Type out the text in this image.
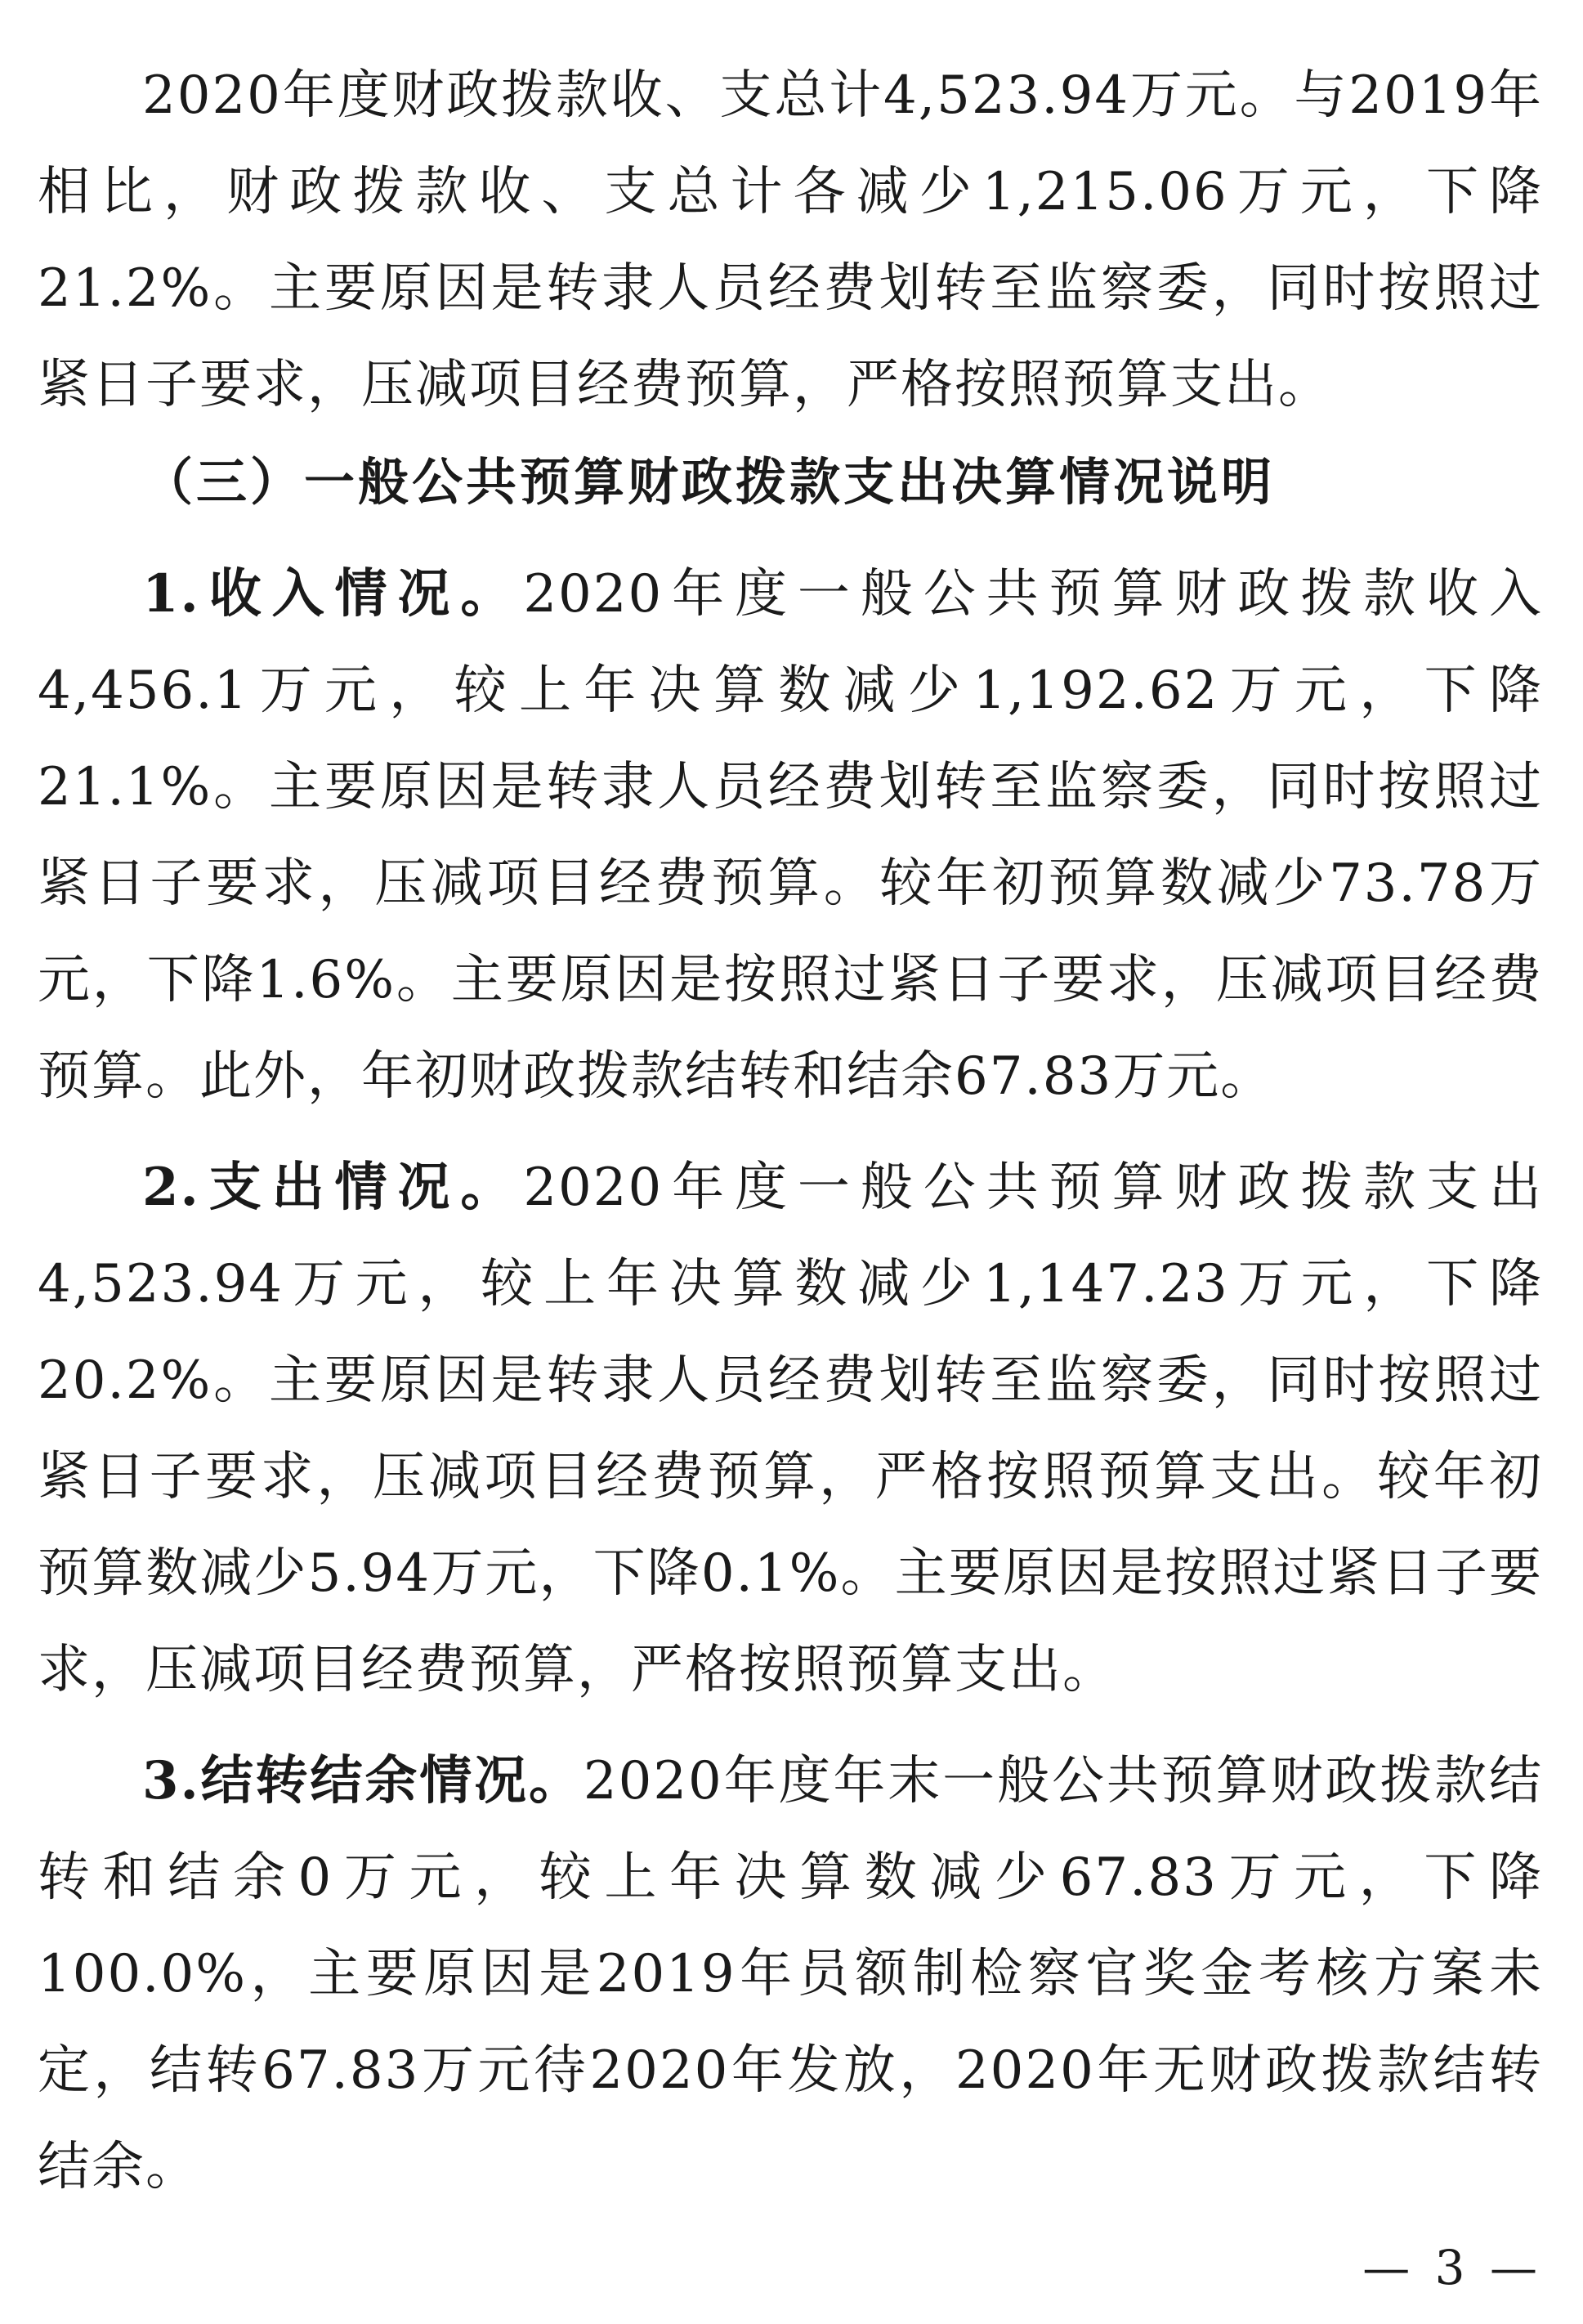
2020年度财政拨款收、支总计4,523.94万元。与2019年相比，财政拨款收、支总计各减少1,215.06万元，下降21.2%。主要原因是转隶人员经费划转至监察委，同时按照过紧日子要求，压减项目经费预算，严格按照预算支出。

（三）一般公共预算财政拨款支出决算情况说明

1.收入情况。2020年度一般公共预算财政拨款收入4,456.1万元，较上年决算数减少1,192.62万元，下降21.1%。主要原因是转隶人员经费划转至监察委，同时按照过紧日子要求，压减项目经费预算。较年初预算数减少73.78万元，下降1.6%。主要原因是按照过紧日子要求，压减项目经费预算。此外，年初财政拨款结转和结余67.83万元。

2.支出情况。2020年度一般公共预算财政拨款支出4,523.94万元，较上年决算数减少1,147.23万元，下降20.2%。主要原因是转隶人员经费划转至监察委，同时按照过紧日子要求，压减项目经费预算，严格按照预算支出。较年初预算数减少5.94万元，下降0.1%。主要原因是按照过紧日子要求，压减项目经费预算，严格按照预算支出。

3.结转结余情况。2020年度年末一般公共预算财政拨款结转和结余0万元，较上年决算数减少67.83万元，下降100.0%，主要原因是2019年员额制检察官奖金考核方案未定，结转67.83万元待2020年发放，2020年无财政拨款结转结余。

— 3 —
